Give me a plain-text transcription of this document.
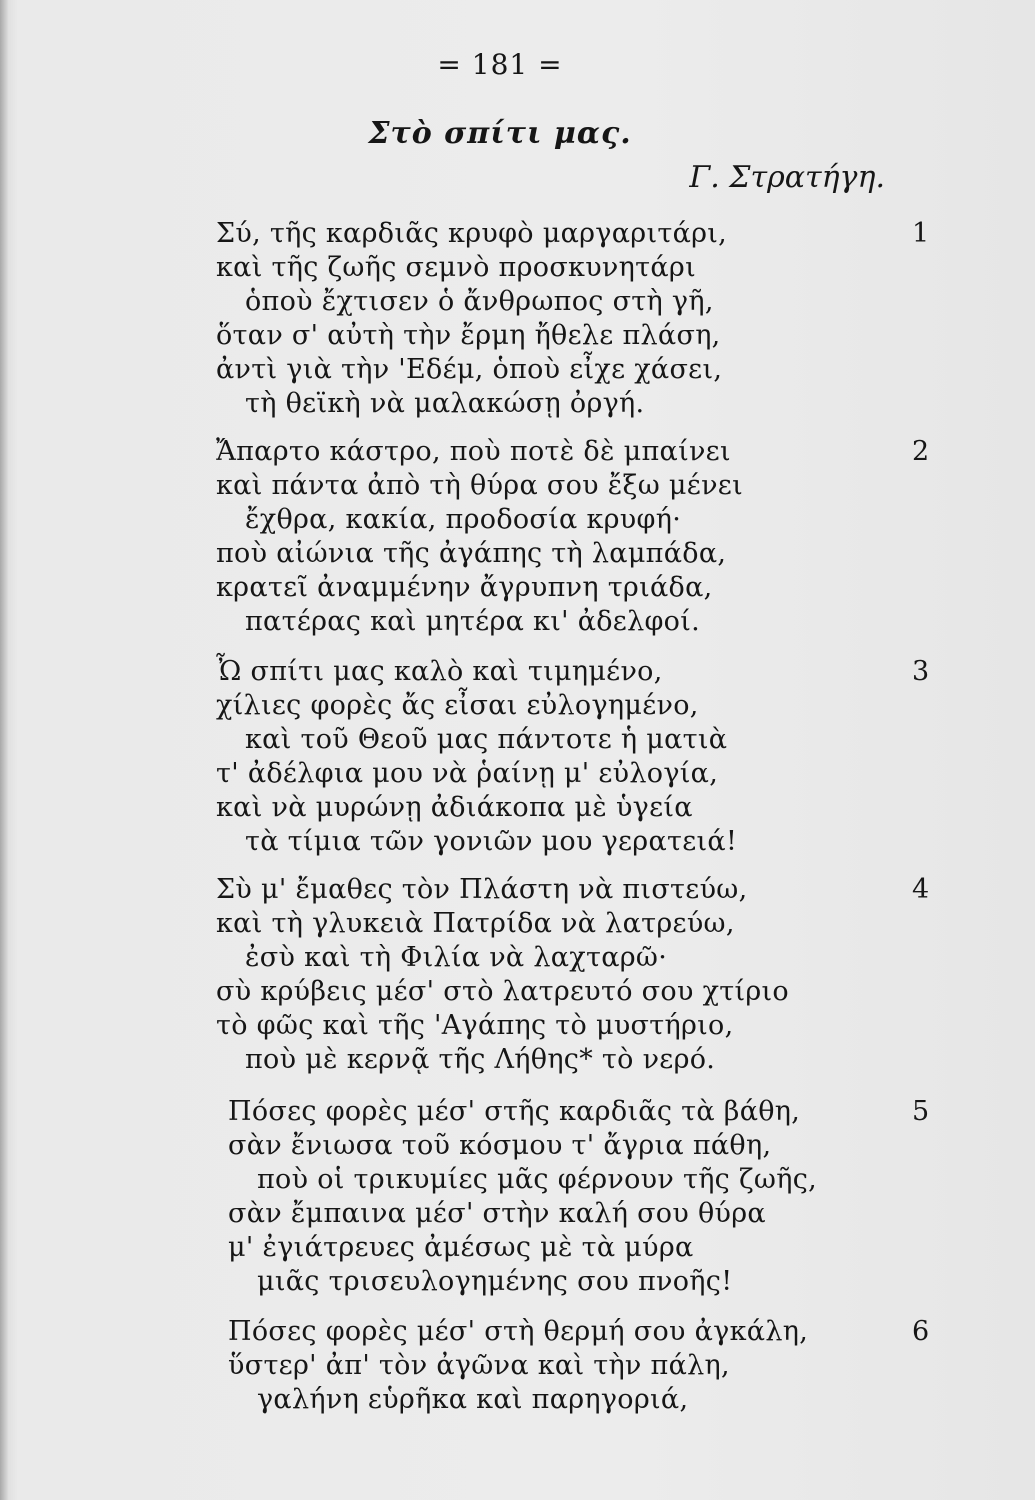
= 181 =
Στὸ σπίτι μας.
Γ. Στρατήγη.
Σύ, τῆς καρδιᾶς κρυφὸ μαργαριτάρι,	1
καὶ τῆς ζωῆς σεμνὸ προσκυνητάρι
ὁποὺ ἔχτισεν ὁ ἄνθρωπος στὴ γῆ,
ὅταν σ' αὐτὴ τὴν ἔρμη ἤθελε πλάση,
ἀντὶ γιὰ τὴν 'Εδέμ, ὁποὺ εἶχε χάσει,
τὴ θεϊκὴ νὰ μαλακώσῃ ὀργή.
Ἄπαρτο κάστρο, ποὺ ποτὲ δὲ μπαίνει	2
καὶ πάντα ἀπὸ τὴ θύρα σου ἔξω μένει
ἔχθρα, κακία, προδοσία κρυφή·
ποὺ αἰώνια τῆς ἀγάπης τὴ λαμπάδα,
κρατεῖ ἀναμμένην ἄγρυπνη τριάδα,
πατέρας καὶ μητέρα κι' ἀδελφοί.
Ὦ σπίτι μας καλὸ καὶ τιμημένο,	3
χίλιες φορὲς ἄς εἶσαι εὐλογημένο,
καὶ τοῦ Θεοῦ μας πάντοτε ἡ ματιὰ
τ' ἀδέλφια μου νὰ ῥαίνῃ μ' εὐλογία,
καὶ νὰ μυρώνῃ ἀδιάκοπα μὲ ὑγεία
τὰ τίμια τῶν γονιῶν μου γερατειά!
Σὺ μ' ἔμαθες τὸν Πλάστη νὰ πιστεύω,	4
καὶ τὴ γλυκειὰ Πατρίδα νὰ λατρεύω,
ἐσὺ καὶ τὴ Φιλία νὰ λαχταρῶ·
σὺ κρύβεις μέσ' στὸ λατρευτό σου χτίριο
τὸ φῶς καὶ τῆς 'Αγάπης τὸ μυστήριο,
ποὺ μὲ κερνᾷ τῆς Λήθης* τὸ νερό.
Πόσες φορὲς μέσ' στῆς καρδιᾶς τὰ βάθη,	5
σὰν ἔνιωσα τοῦ κόσμου τ' ἄγρια πάθη,
ποὺ οἱ τρικυμίες μᾶς φέρνουν τῆς ζωῆς,
σὰν ἔμπαινα μέσ' στὴν καλή σου θύρα
μ' ἐγιάτρευες ἀμέσως μὲ τὰ μύρα
μιᾶς τρισευλογημένης σου πνοῆς!
Πόσες φορὲς μέσ' στὴ θερμή σου ἀγκάλη,	6
ὕστερ' ἀπ' τὸν ἀγῶνα καὶ τὴν πάλη,
γαλήνη εὑρῆκα καὶ παρηγοριά,
